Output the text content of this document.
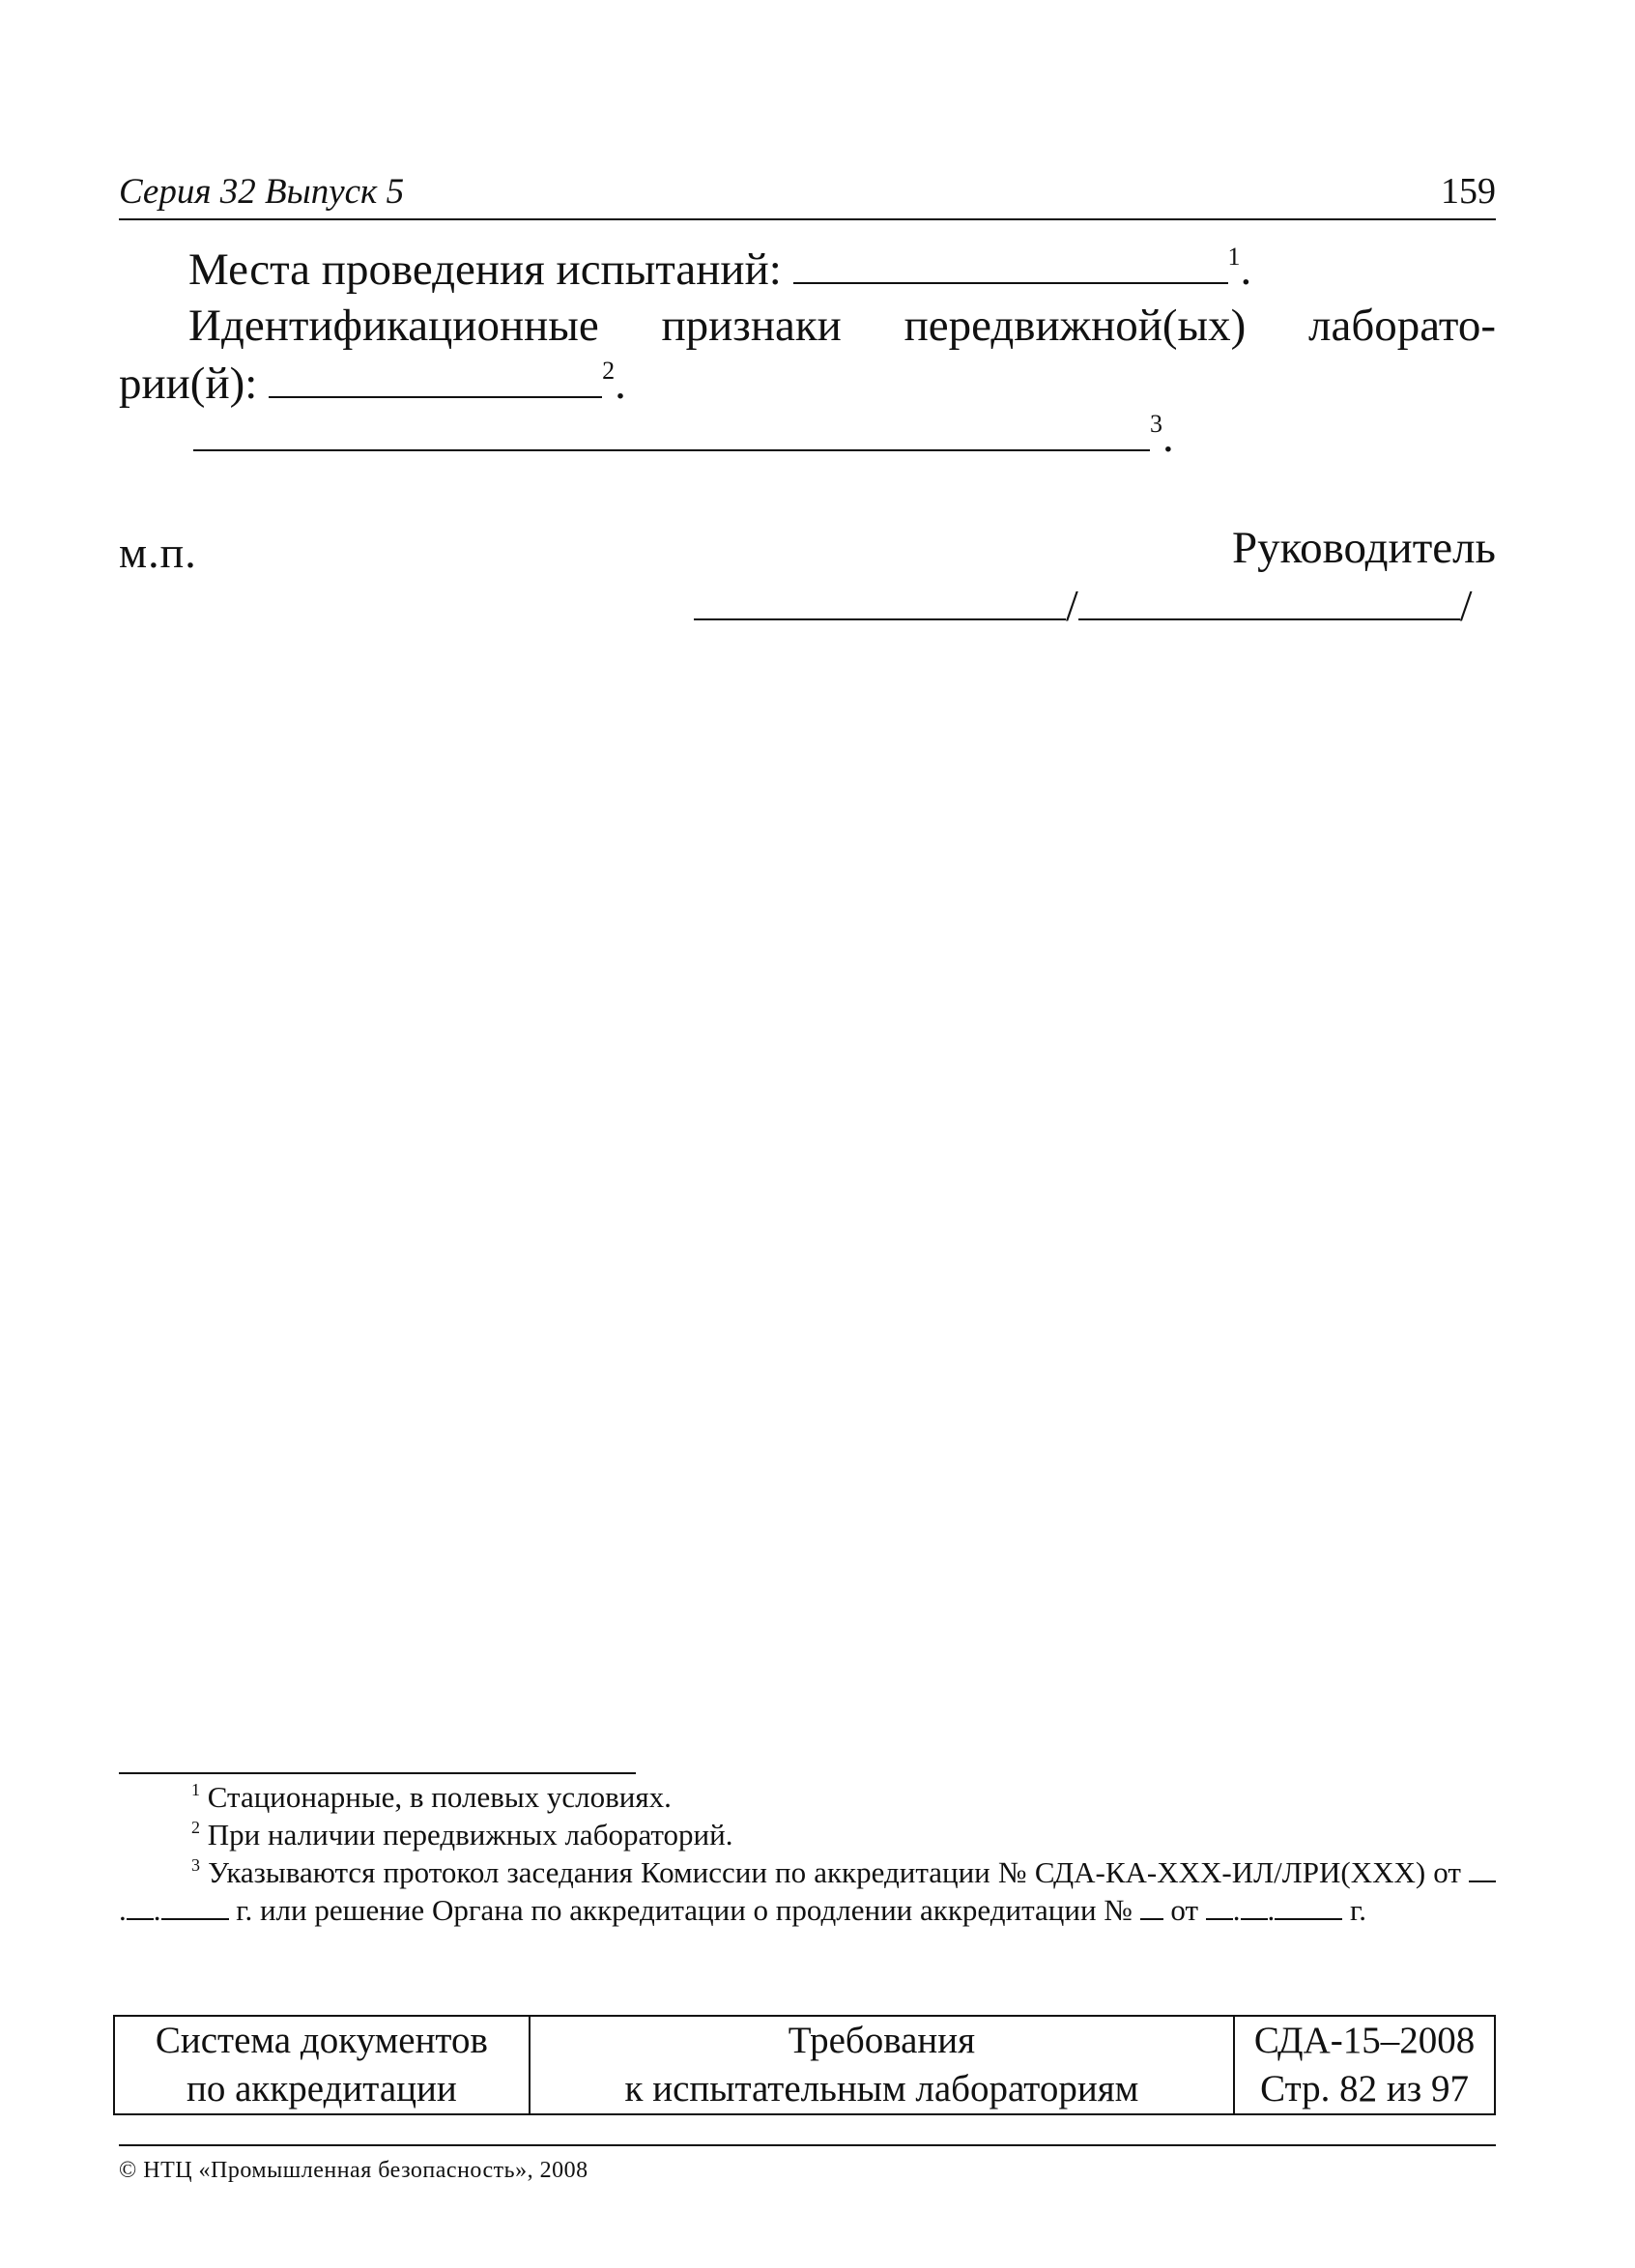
Серия 32 Выпуск 5	159
Места проведения испытаний:	$^1$.
Идентификационные признаки передвижной(ых) лаборато-
рии(й):	$^2$.
$^3$.
м.п.	Руководитель
/	/

$^1$ Стационарные, в полевых условиях.

$^2$ При наличии передвижных лабораторий.

$^3$ Указываются протокол заседания Комиссии по аккредитации № СДА-КА-ХХХ-ИЛ/ЛРИ(ХХХ) от . .	г. или решение Органа по аккредитации о продлении аккредитации № от . .	г.

Система документов
по аккредитации

Требования
к испытательным лабораториям

СДА-15–2008
Стр. 82 из 97
© НТЦ «Промышленная безопасность», 2008
